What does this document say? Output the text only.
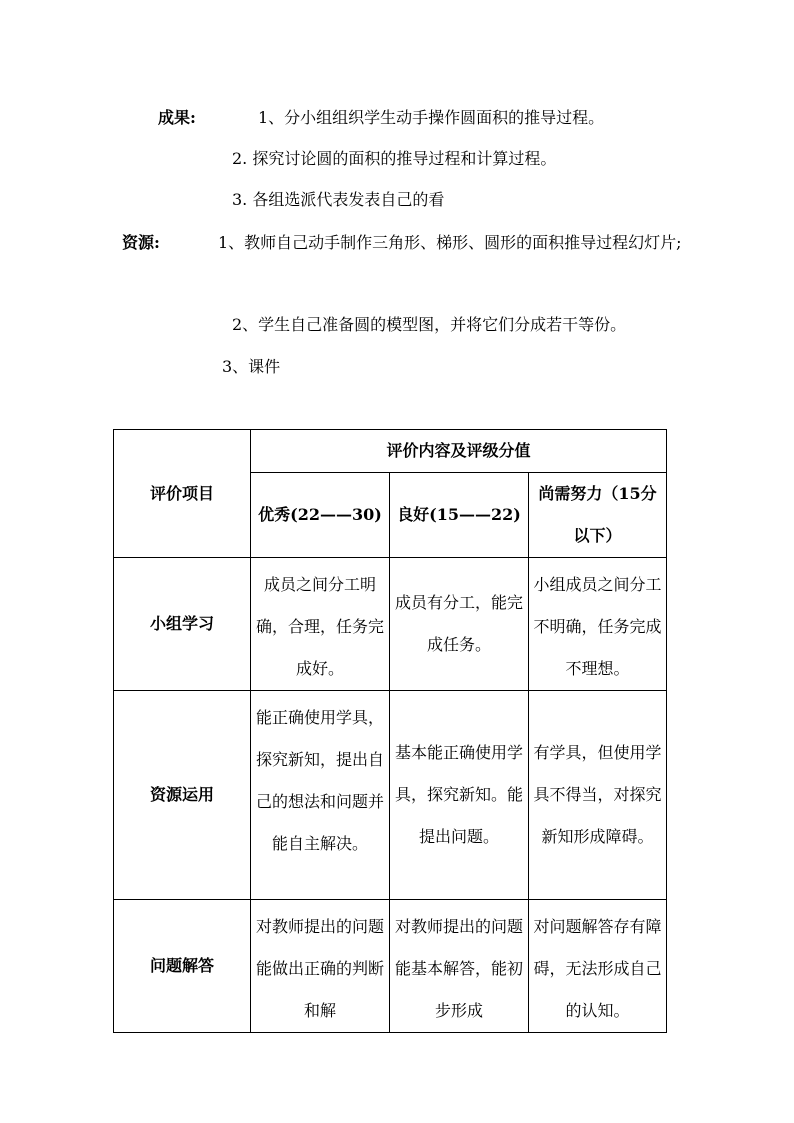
成果:	1、分小组组织学生动手操作圆面积的推导过程。
2. 探究讨论圆的面积的推导过程和计算过程。
3. 各组选派代表发表自己的看
资源:	1、教师自己动手制作三角形、梯形、圆形的面积推导过程幻灯片;
2、学生自己准备圆的模型图，并将它们分成若干等份。
3、课件
评价项目	评价内容及评级分值		
	优秀(22——30)	良好(15——22)	尚需努力（15分以下）
小组学习	成员之间分工明确，合理，任务完成好。	成员有分工，能完成任务。	小组成员之间分工不明确，任务完成不理想。
资源运用	能正确使用学具，探究新知，提出自己的想法和问题并能自主解决。	基本能正确使用学具，探究新知。能提出问题。	有学具，但使用学具不得当，对探究新知形成障碍。
问题解答	对教师提出的问题能做出正确的判断和解	对教师提出的问题能基本解答，能初步形成	对问题解答存有障碍，无法形成自己的认知。
